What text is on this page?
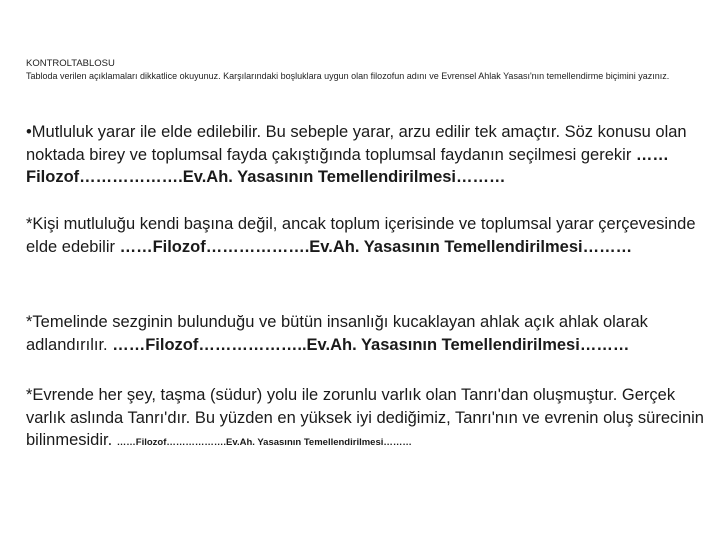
KONTROLTABLOSU
Tabloda verilen açıklamaları dikkatlice okuyunuz. Karşılarındaki boşluklara uygun olan filozofun adını ve Evrensel Ahlak Yasası'nın temellendirme biçimini yazınız.
•Mutluluk yarar ile elde edilebilir. Bu sebeple yarar, arzu edilir tek amaçtır. Söz konusu olan noktada birey ve toplumsal fayda çakıştığında toplumsal faydanın seçilmesi gerekir ……Filozof……………….Ev.Ah. Yasasının Temellendirilmesi………
*Kişi mutluluğu kendi başına değil, ancak toplum içerisinde ve toplumsal yarar çerçevesinde elde edebilir ……Filozof……………….Ev.Ah. Yasasının Temellendirilmesi………
*Temelinde sezginin bulunduğu ve bütün insanlığı kucaklayan ahlak açık ahlak olarak adlandırılır. ……Filozof………………..Ev.Ah. Yasasının Temellendirilmesi………
*Evrende her şey, taşma (südur) yolu ile zorunlu varlık olan Tanrı'dan oluşmuştur. Gerçek varlık aslında Tanrı'dır. Bu yüzden en yüksek iyi dediğimiz, Tanrı'nın ve evrenin oluş sürecinin bilinmesidir. ……Filozof……………….Ev.Ah. Yasasının Temellendirilmesi………
